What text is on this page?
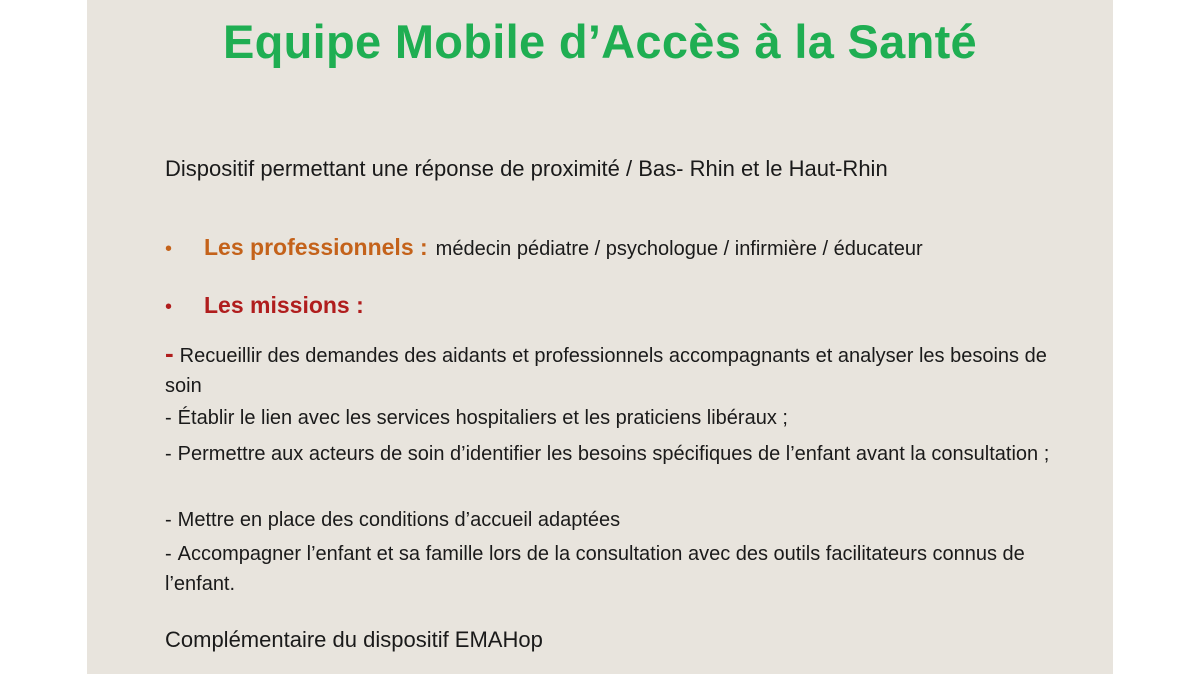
Equipe Mobile d’Accès à la Santé
Dispositif permettant une réponse de proximité / Bas- Rhin et le Haut-Rhin
• Les professionnels : médecin pédiatre / psychologue / infirmière / éducateur
• Les missions :
- Recueillir des demandes des aidants et professionnels accompagnants et analyser les besoins de soin
- Établir le lien avec les services hospitaliers et les praticiens libéraux ;
- Permettre aux acteurs de soin d’identifier les besoins spécifiques de l’enfant avant la consultation ;
- Mettre en place des conditions d’accueil adaptées
- Accompagner l’enfant et sa famille lors de la consultation avec des outils facilitateurs connus de l’enfant.
Complémentaire du dispositif EMAHop
